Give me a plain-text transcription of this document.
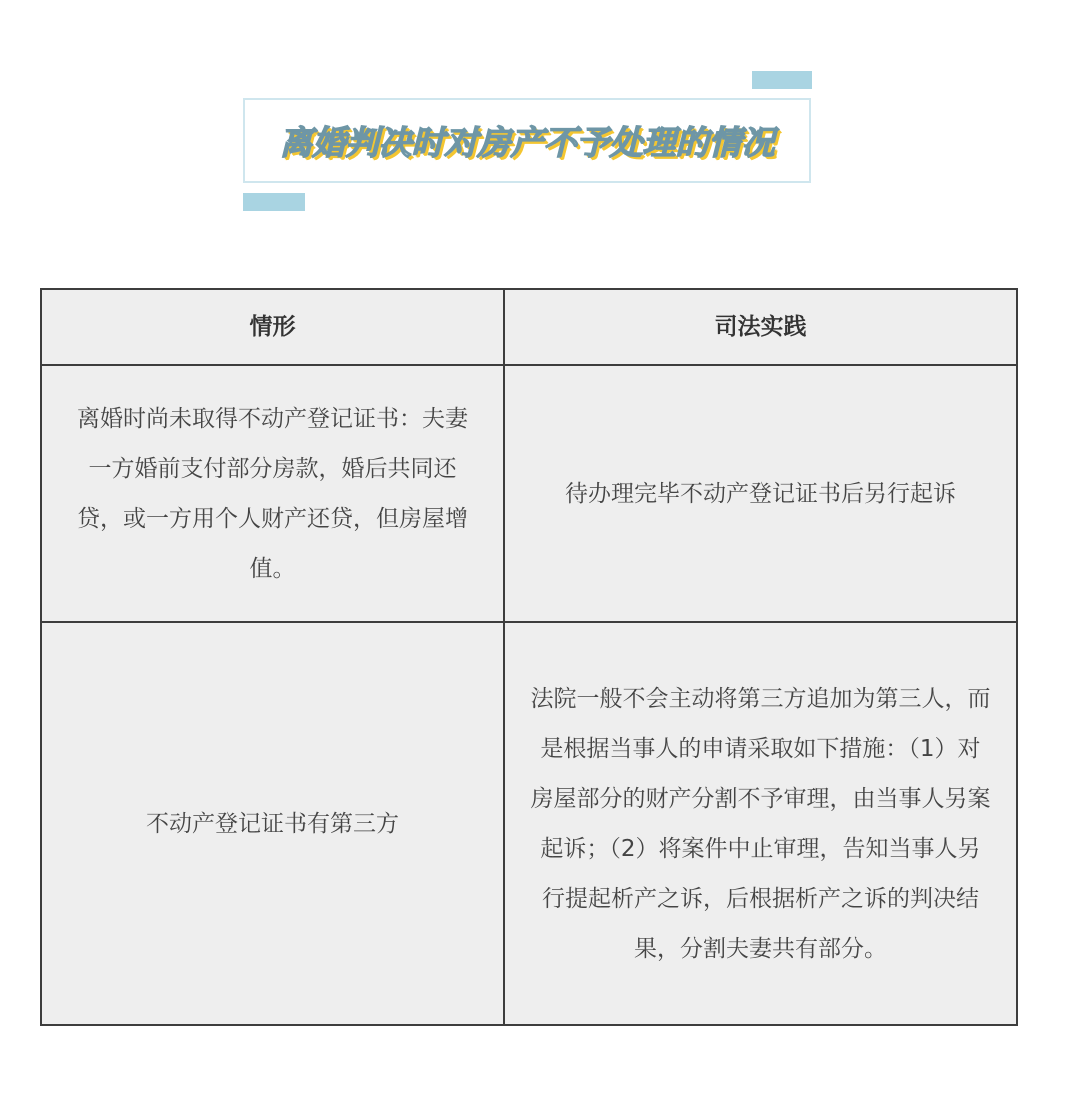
离婚判决时对房产不予处理的情况
情形	司法实践
离婚时尚未取得不动产登记证书：夫妻一方婚前支付部分房款，婚后共同还贷，或一方用个人财产还贷，但房屋增值。	待办理完毕不动产登记证书后另行起诉
不动产登记证书有第三方	法院一般不会主动将第三方追加为第三人，而是根据当事人的申请采取如下措施：（1）对房屋部分的财产分割不予审理，由当事人另案起诉；（2）将案件中止审理，告知当事人另行提起析产之诉，后根据析产之诉的判决结果，分割夫妻共有部分。
